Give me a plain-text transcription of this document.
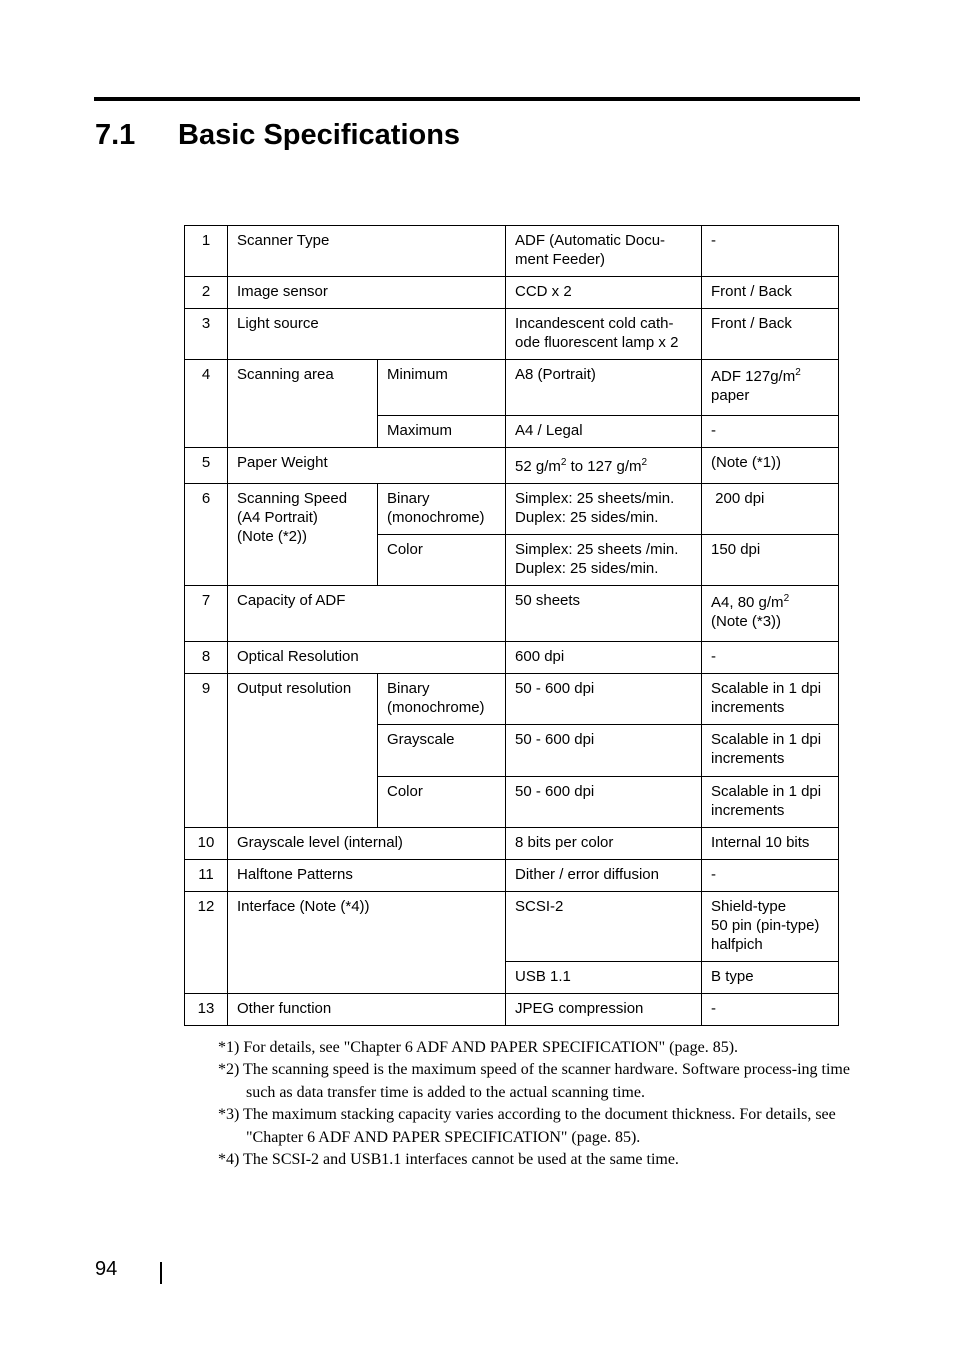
7.1 Basic Specifications
1	Scanner Type		ADF (Automatic Docu-
ment Feeder)	-
2	Image sensor		CCD x 2	Front / Back
3	Light source		Incandescent cold cath-
ode fluorescent lamp x 2	Front / Back
4	Scanning area	Minimum	A8 (Portrait)	ADF $127g/m^2$
paper
		Maximum	A4 / Legal	-
5	Paper Weight		52 $g/m^2$ to 127 $g/m^2$	(Note (*1))
6	Scanning Speed
(A4 Portrait)
(Note (*2))	Binary
(monochrome)	Simplex: 25 sheets/min.
Duplex: 25 sides/min.	200 dpi
		Color	Simplex: 25 sheets /min.
Duplex: 25 sides/min.	150 dpi
7	Capacity of ADF		50 sheets	A4, 80 $g/m^2$
(Note (*3))
8	Optical Resolution		600 dpi	-
9	Output resolution	Binary
(monochrome)	50 - 600 dpi	Scalable in 1 dpi
increments
		Grayscale	50 - 600 dpi	Scalable in 1 dpi
increments
		Color	50 - 600 dpi	Scalable in 1 dpi
increments
10	Grayscale level (internal)		8 bits per color	Internal 10 bits
11	Halftone Patterns		Dither / error diffusion	-
12	Interface (Note (*4))		SCSI-2	Shield-type
50 pin (pin-type)
halfpich
			USB 1.1	B type
13	Other function		JPEG compression	-
*1) For details, see "Chapter 6 ADF AND PAPER SPECIFICATION" (page. 85).
*2) The scanning speed is the maximum speed of the scanner hardware. Software process-ing time such as data transfer time is added to the actual scanning time.
*3) The maximum stacking capacity varies according to the document thickness. For details, see "Chapter 6 ADF AND PAPER SPECIFICATION" (page. 85).
*4) The SCSI-2 and USB1.1 interfaces cannot be used at the same time.
94
